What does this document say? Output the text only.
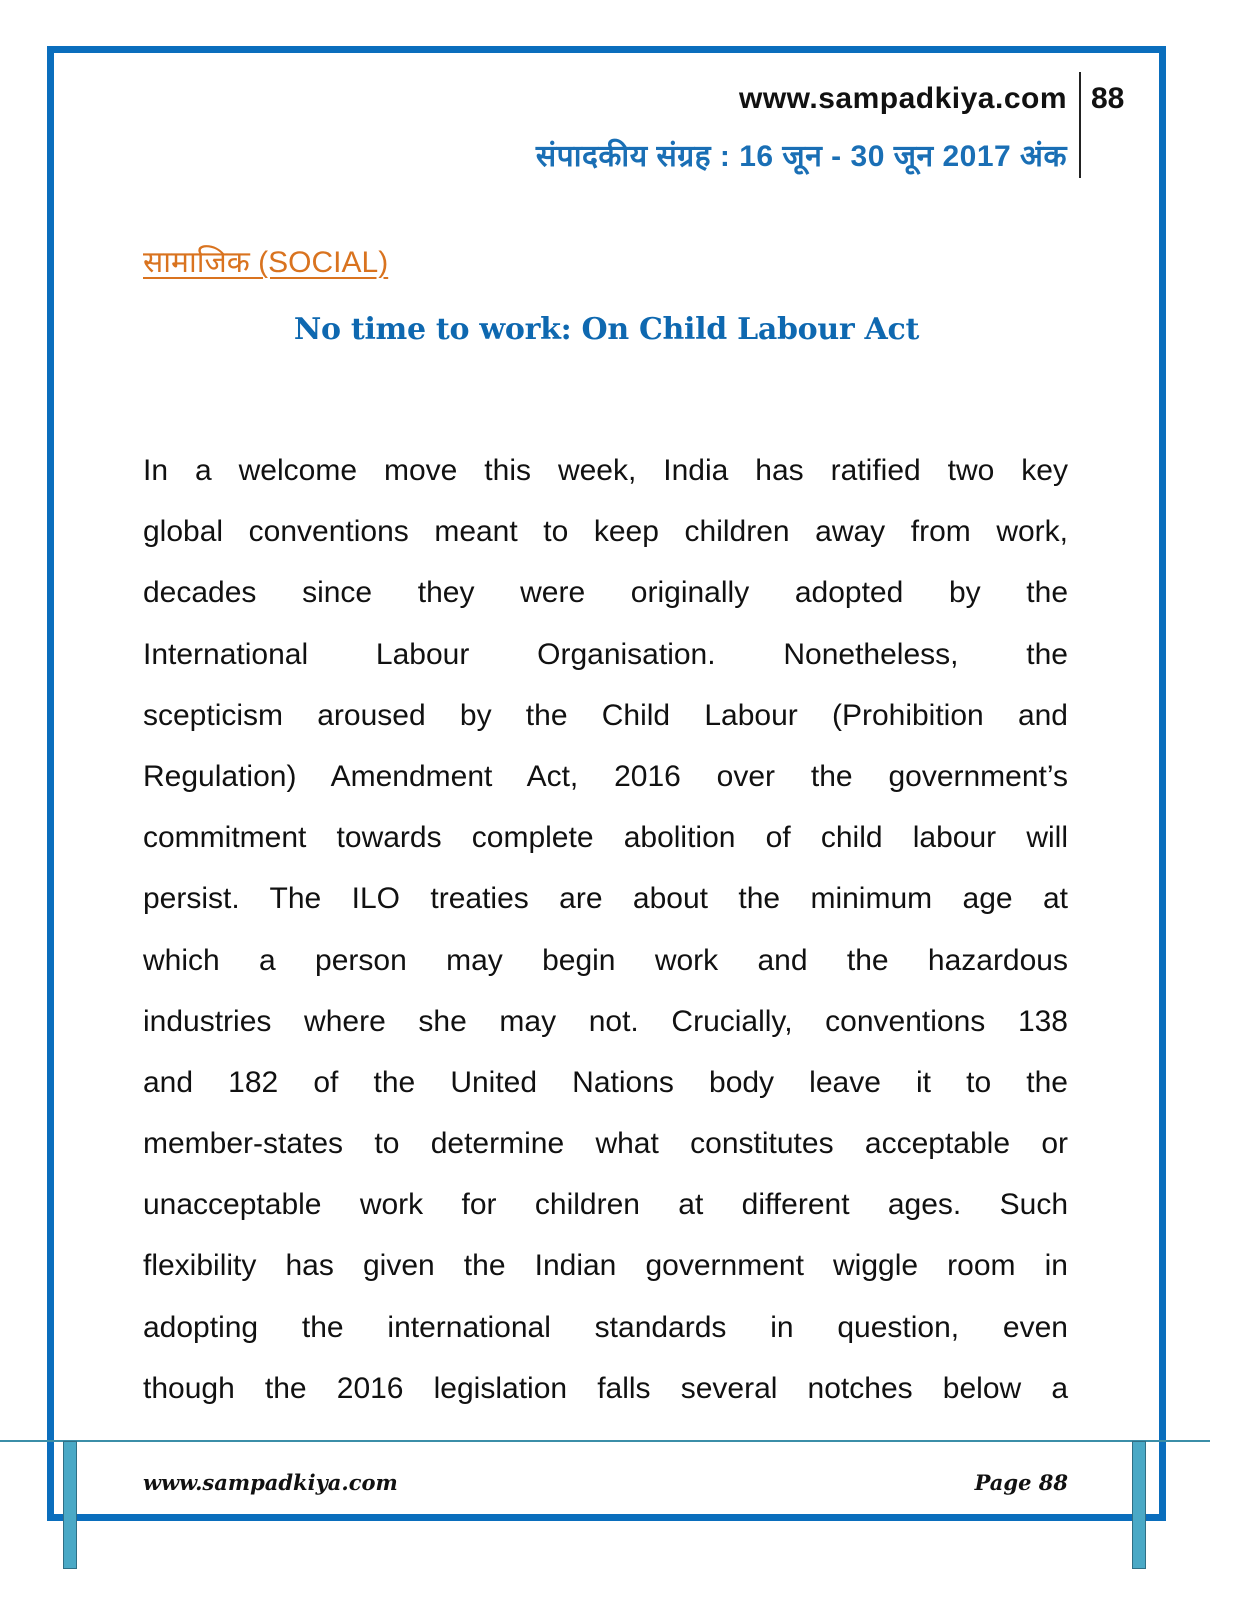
www.sampadkiya.com 88
संपादकीय संग्रह : 16 जून - 30 जून 2017 अंक
सामाजिक (SOCIAL)
No time to work: On Child Labour Act
In a welcome move this week, India has ratified two key
global conventions meant to keep children away from work,
decades since they were originally adopted by the
International Labour Organisation. Nonetheless, the
scepticism aroused by the Child Labour (Prohibition and
Regulation) Amendment Act, 2016 over the government’s
commitment towards complete abolition of child labour will
persist. The ILO treaties are about the minimum age at
which a person may begin work and the hazardous
industries where she may not. Crucially, conventions 138
and 182 of the United Nations body leave it to the
member-states to determine what constitutes acceptable or
unacceptable work for children at different ages. Such
flexibility has given the Indian government wiggle room in
adopting the international standards in question, even
though the 2016 legislation falls several notches below a
www.sampadkiya.com	Page 88
